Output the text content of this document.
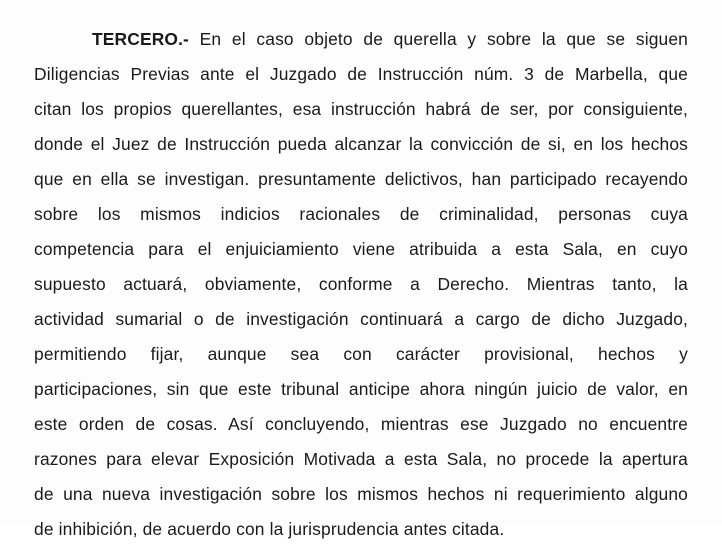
TERCERO.- En el caso objeto de querella y sobre la que se siguen
Diligencias Previas ante el Juzgado de Instrucción núm. 3 de Marbella, que
citan los propios querellantes, esa instrucción habrá de ser, por consiguiente,
donde el Juez de Instrucción pueda alcanzar la convicción de si, en los hechos
que en ella se investigan. presuntamente delictivos, han participado recayendo
sobre los mismos indicios racionales de criminalidad, personas cuya
competencia para el enjuiciamiento viene atribuida a esta Sala, en cuyo
supuesto actuará, obviamente, conforme a Derecho. Mientras tanto, la
actividad sumarial o de investigación continuará a cargo de dicho Juzgado,
permitiendo fijar, aunque sea con carácter provisional, hechos y
participaciones, sin que este tribunal anticipe ahora ningún juicio de valor, en
este orden de cosas. Así concluyendo, mientras ese Juzgado no encuentre
razones para elevar Exposición Motivada a esta Sala, no procede la apertura
de una nueva investigación sobre los mismos hechos ni requerimiento alguno
de inhibición, de acuerdo con la jurisprudencia antes citada.
